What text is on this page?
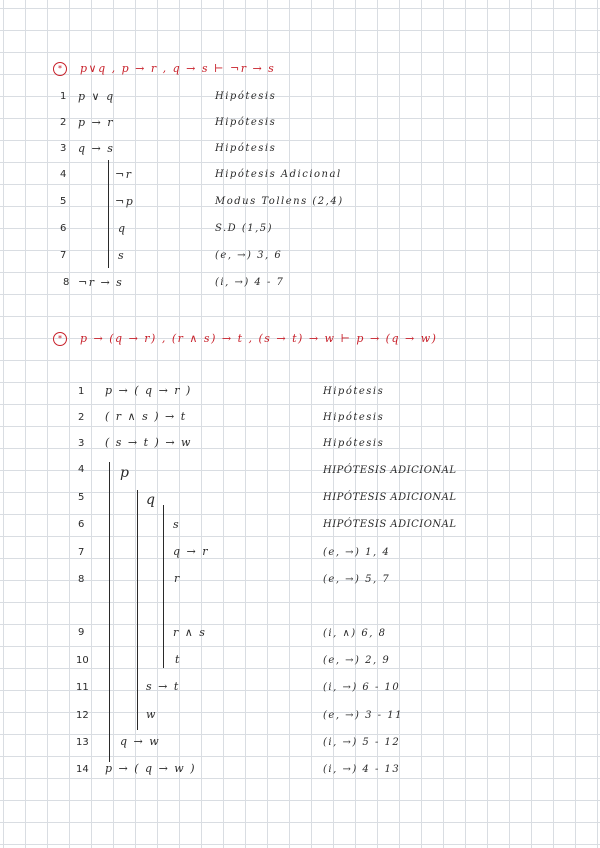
*	p∨q , p → r , q → s ⊢ ¬r → s
1
2
3
4
5
6
7
8
p ∨ q
p → r
q → s
¬r
¬p
q
s
¬r → s
Hipótesis
Hipótesis
Hipótesis
Hipótesis Adicional
Modus Tollens (2,4)
S.D (1,5)
(e, →) 3, 6
(i, →) 4 - 7
*	p → (q → r) , (r ∧ s) → t , (s → t) → w ⊢ p → (q → w)
1
2
3
4
5
6
7
8
9
10
11
12
13
14
p → ( q → r )
( r ∧ s ) → t
( s → t ) → w
p
q
s
q → r
r
r ∧ s
t
s → t
w
q → w
p → ( q → w )
Hipótesis
Hipótesis
Hipótesis
HIPÓTESIS ADICIONAL
HIPÓTESIS ADICIONAL
HIPÓTESIS ADICIONAL
(e, →) 1, 4
(e, →) 5, 7
(i, ∧) 6, 8
(e, →) 2, 9
(i, →) 6 - 10
(e, →) 3 - 11
(i, →) 5 - 12
(i, →) 4 - 13
